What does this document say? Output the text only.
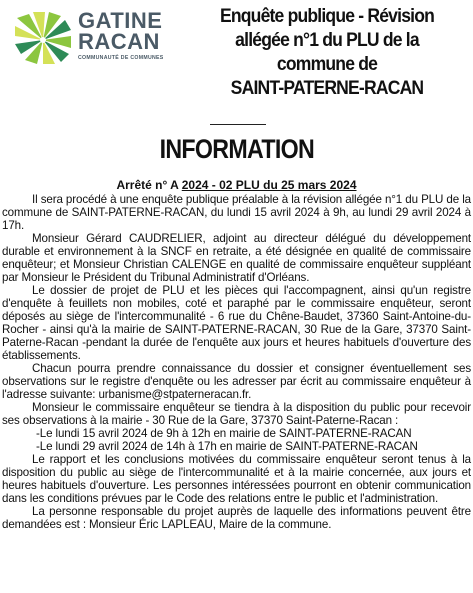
GATINE
RACAN
COMMUNAUTÉ DE COMMUNES
Enquête publique - Révision
allégée n°1 du PLU de la
commune de
SAINT-PATERNE-RACAN
INFORMATION
Arrêté n° A 2024 - 02 PLU du 25 mars 2024
Il sera procédé à une enquête publique préalable à la révision allégée n°1 du PLU de la commune de SAINT-PATERNE-RACAN, du lundi 15 avril 2024 à 9h, au lundi 29 avril 2024 à 17h.
Monsieur Gérard CAUDRELIER, adjoint au directeur délégué du développement durable et environnement à la SNCF en retraite, a été désignée en qualité de commissaire enquêteur; et Monsieur Christian CALENGE en qualité de commissaire enquêteur suppléant par Monsieur le Président du Tribunal Administratif d'Orléans.
Le dossier de projet de PLU et les pièces qui l'accompagnent, ainsi qu'un registre d'enquête à feuillets non mobiles, coté et paraphé par le commissaire enquêteur, seront déposés au siège de l'intercommunalité - 6 rue du Chêne-Baudet, 37360 Saint-Antoine-du-Rocher - ainsi qu'à la mairie de SAINT-PATERNE-RACAN, 30 Rue de la Gare, 37370 Saint-Paterne-Racan -pendant la durée de l'enquête aux jours et heures habituels d'ouverture des établissements.
Chacun pourra prendre connaissance du dossier et consigner éventuellement ses observations sur le registre d'enquête ou les adresser par écrit au commissaire enquêteur à l'adresse suivante: urbanisme@stpaterneracan.fr.
Monsieur le commissaire enquêteur se tiendra à la disposition du public pour recevoir ses observations à la mairie - 30 Rue de la Gare, 37370 Saint-Paterne-Racan :
-Le lundi 15 avril 2024 de 9h à 12h en mairie de SAINT-PATERNE-RACAN
-Le lundi 29 avril 2024 de 14h à 17h en mairie de SAINT-PATERNE-RACAN
Le rapport et les conclusions motivées du commissaire enquêteur seront tenus à la disposition du public au siège de l'intercommunalité et à la mairie concernée, aux jours et heures habituels d'ouverture. Les personnes intéressées pourront en obtenir communication dans les conditions prévues par le Code des relations entre le public et l'administration.
La personne responsable du projet auprès de laquelle des informations peuvent être demandées est : Monsieur Éric LAPLEAU, Maire de la commune.
